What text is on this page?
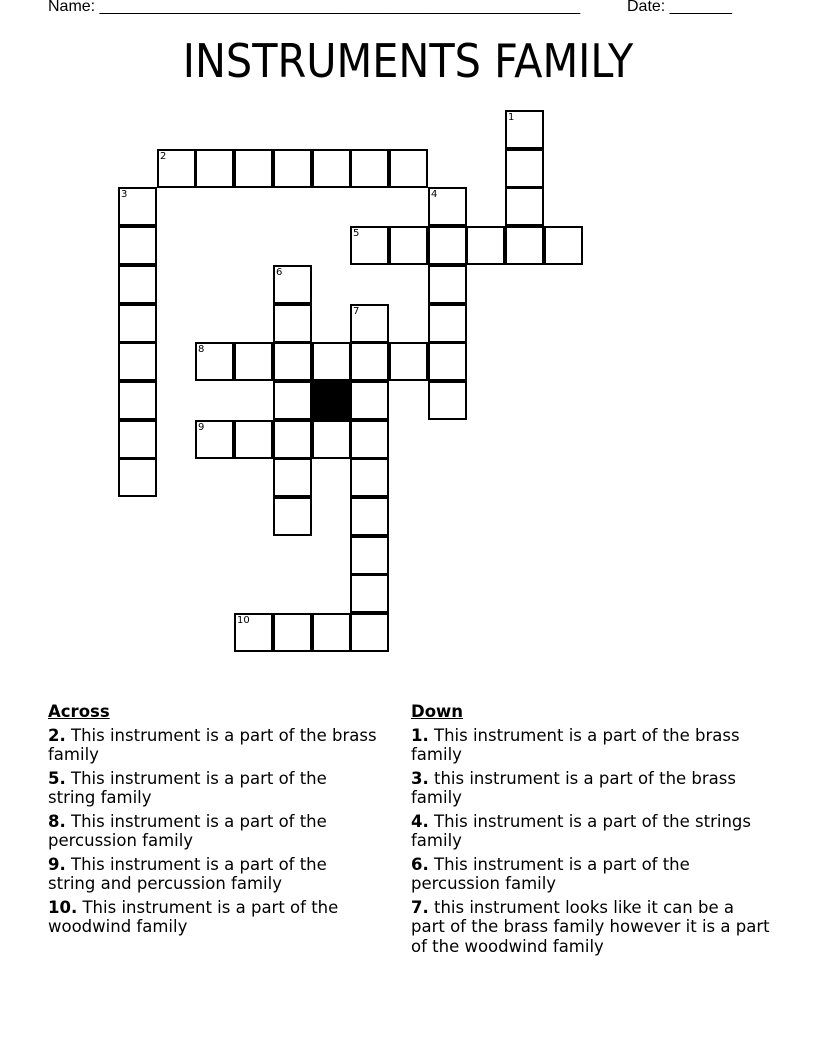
Name: ______________________________________________________	Date: _______
INSTRUMENTS FAMILY
1
2
3	4
5
6
7
8
9
10
Across
2. This instrument is a part of the brass family
5. This instrument is a part of the string family
8. This instrument is a part of the percussion family
9. This instrument is a part of the string and percussion family
10. This instrument is a part of the woodwind family
Down
1. This instrument is a part of the brass family
3. this instrument is a part of the brass family
4. This instrument is a part of the strings family
6. This instrument is a part of the percussion family
7. this instrument looks like it can be a part of the brass family however it is a part of the woodwind family
